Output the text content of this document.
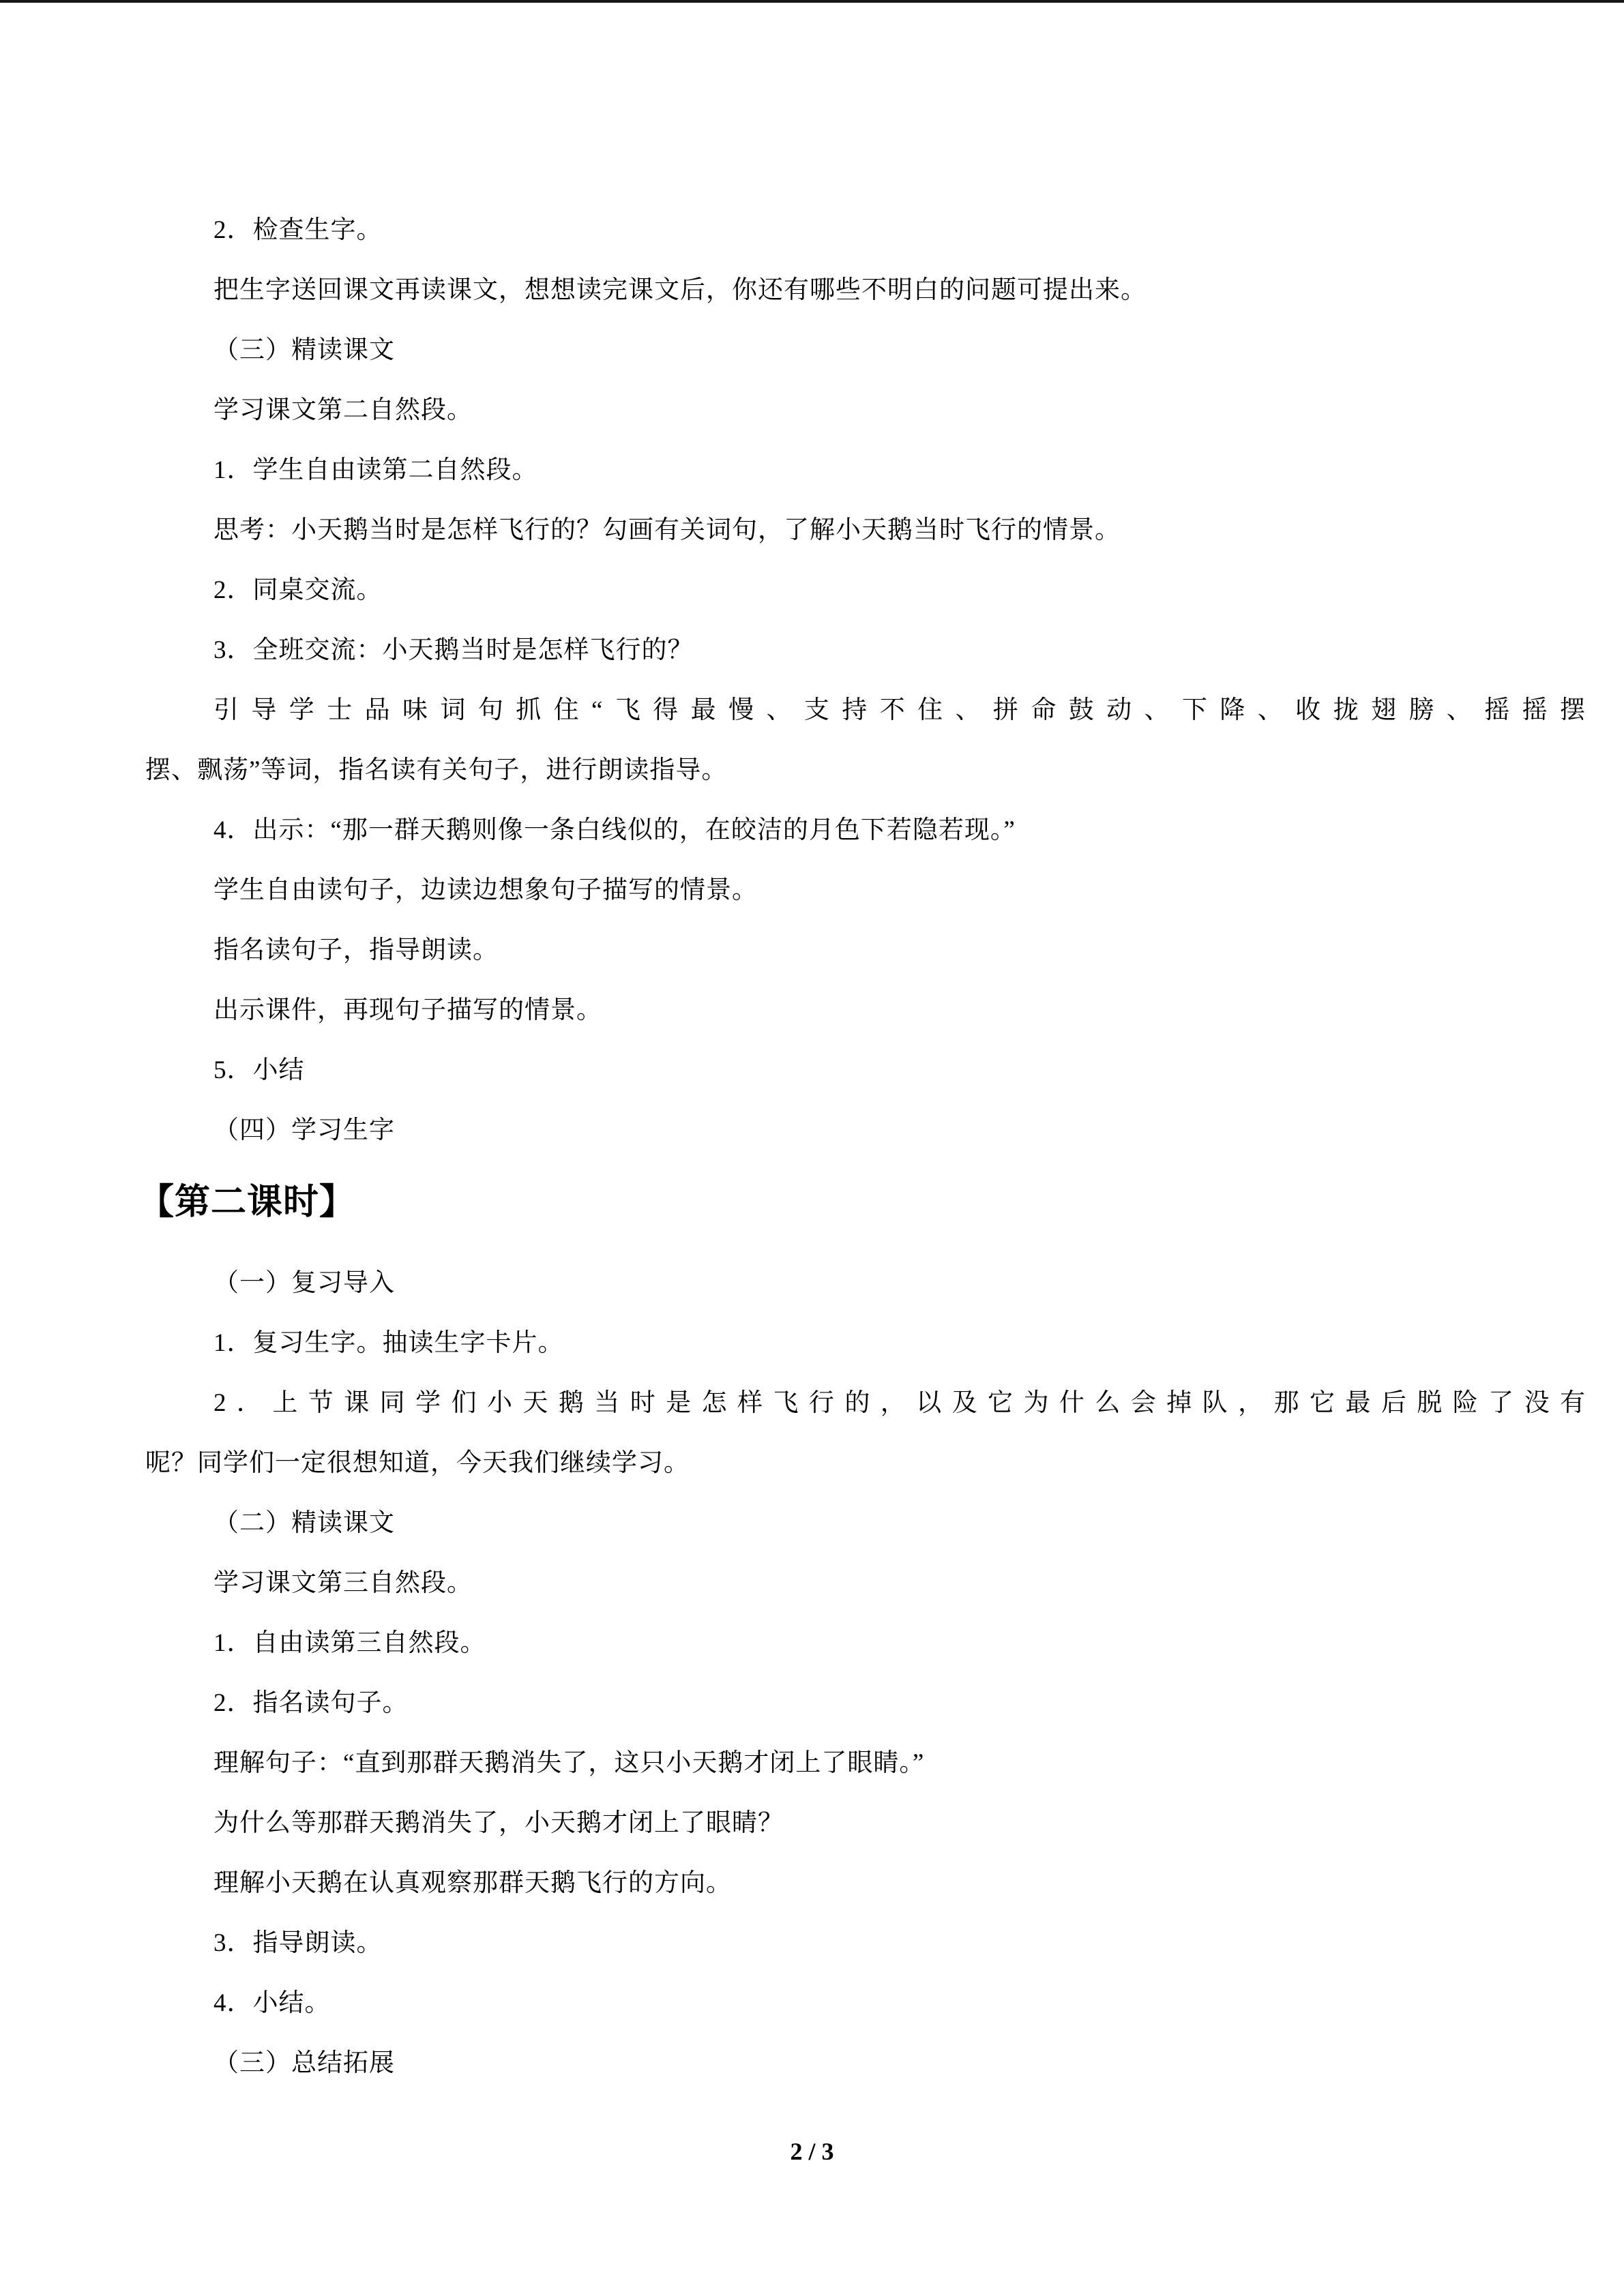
2．检查生字。
把生字送回课文再读课文，想想读完课文后，你还有哪些不明白的问题可提出来。
（三）精读课文
学习课文第二自然段。
1．学生自由读第二自然段。
思考：小天鹅当时是怎样飞行的？勾画有关词句，了解小天鹅当时飞行的情景。
2．同桌交流。
3．全班交流：小天鹅当时是怎样飞行的？
引导学士品味词句抓住“飞得最慢、支持不住、拼命鼓动、下降、收拢翅膀、摇摇摆
摆、飘荡”等词，指名读有关句子，进行朗读指导。
4．出示：“那一群天鹅则像一条白线似的，在皎洁的月色下若隐若现。”
学生自由读句子，边读边想象句子描写的情景。
指名读句子，指导朗读。
出示课件，再现句子描写的情景。
5．小结
（四）学习生字
【第二课时】
（一）复习导入
1．复习生字。抽读生字卡片。
2．上节课同学们小天鹅当时是怎样飞行的，以及它为什么会掉队，那它最后脱险了没有
呢？同学们一定很想知道，今天我们继续学习。
（二）精读课文
学习课文第三自然段。
1．自由读第三自然段。
2．指名读句子。
理解句子：“直到那群天鹅消失了，这只小天鹅才闭上了眼睛。”
为什么等那群天鹅消失了，小天鹅才闭上了眼睛？
理解小天鹅在认真观察那群天鹅飞行的方向。
3．指导朗读。
4．小结。
（三）总结拓展
2 / 3
